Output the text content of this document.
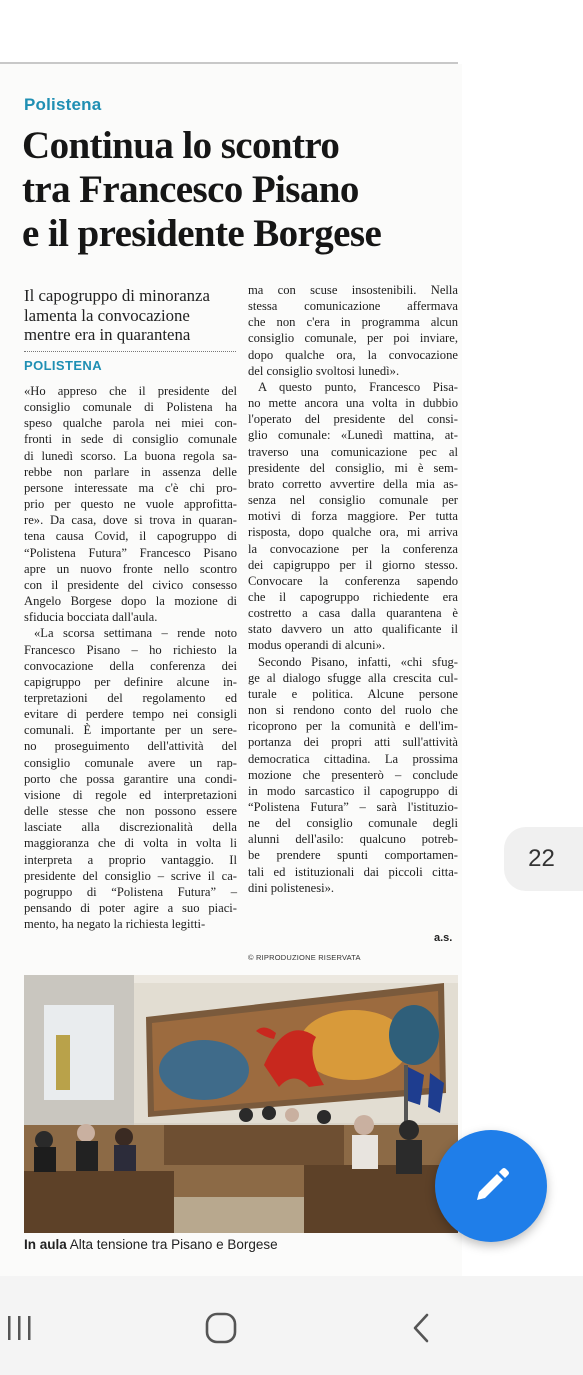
Polistena
Continua lo scontro
tra Francesco Pisano
e il presidente Borgese
Il capogruppo di minoranza
lamenta la convocazione
mentre era in quarantena
POLISTENA
«Ho appreso che il presidente del
consiglio comunale di Polistena ha
speso qualche parola nei miei con-
fronti in sede di consiglio comunale
di lunedì scorso. La buona regola sa-
rebbe non parlare in assenza delle
persone interessate ma c'è chi pro-
prio per questo ne vuole approfitta-
re». Da casa, dove si trova in quaran-
tena causa Covid, il capogruppo di
“Polistena Futura” Francesco Pisano
apre un nuovo fronte nello scontro
con il presidente del civico consesso
Angelo Borgese dopo la mozione di
sfiducia bocciata dall'aula.
«La scorsa settimana – rende noto
Francesco Pisano – ho richiesto la
convocazione della conferenza dei
capigruppo per definire alcune in-
terpretazioni del regolamento ed
evitare di perdere tempo nei consigli
comunali. È importante per un sere-
no proseguimento dell'attività del
consiglio comunale avere un rap-
porto che possa garantire una condi-
visione di regole ed interpretazioni
delle stesse che non possono essere
lasciate alla discrezionalità della
maggioranza che di volta in volta li
interpreta a proprio vantaggio. Il
presidente del consiglio – scrive il ca-
pogruppo di “Polistena Futura” –
pensando di poter agire a suo piaci-
mento, ha negato la richiesta legitti-
ma con scuse insostenibili. Nella
stessa comunicazione affermava
che non c'era in programma alcun
consiglio comunale, per poi inviare,
dopo qualche ora, la convocazione
del consiglio svoltosi lunedì».
A questo punto, Francesco Pisa-
no mette ancora una volta in dubbio
l'operato del presidente del consi-
glio comunale: «Lunedì mattina, at-
traverso una comunicazione pec al
presidente del consiglio, mi è sem-
brato corretto avvertire della mia as-
senza nel consiglio comunale per
motivi di forza maggiore. Per tutta
risposta, dopo qualche ora, mi arriva
la convocazione per la conferenza
dei capigruppo per il giorno stesso.
Convocare la conferenza sapendo
che il capogruppo richiedente era
costretto a casa dalla quarantena è
stato davvero un atto qualificante il
modus operandi di alcuni».
Secondo Pisano, infatti, «chi sfug-
ge al dialogo sfugge alla crescita cul-
turale e politica. Alcune persone
non si rendono conto del ruolo che
ricoprono per la comunità e dell'im-
portanza dei propri atti sull'attività
democratica cittadina. La prossima
mozione che presenterò – conclude
in modo sarcastico il capogruppo di
“Polistena Futura” – sarà l'istituzio-
ne del consiglio comunale degli
alunni dell'asilo: qualcuno potreb-
be prendere spunti comportamen-
tali ed istituzionali dai piccoli citta-
dini polistenesi».
a.s.
© RIPRODUZIONE RISERVATA
In aula Alta tensione tra Pisano e Borgese
22
